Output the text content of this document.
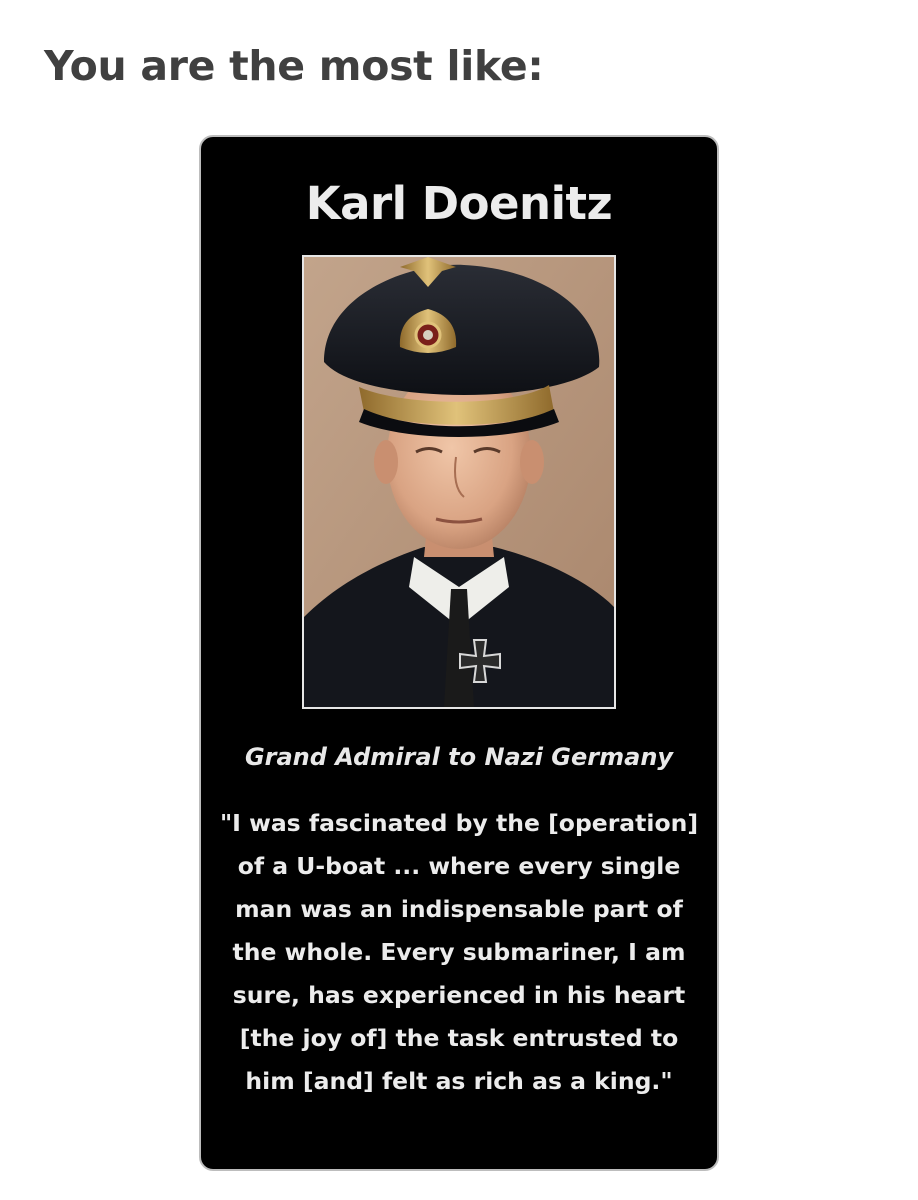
You are the most like:
Karl Doenitz

Grand Admiral to Nazi Germany

"I was fascinated by the [operation] of a U-boat ... where every single man was an indispensable part of the whole. Every submariner, I am sure, has experienced in his heart [the joy of] the task entrusted to him [and] felt as rich as a king."
